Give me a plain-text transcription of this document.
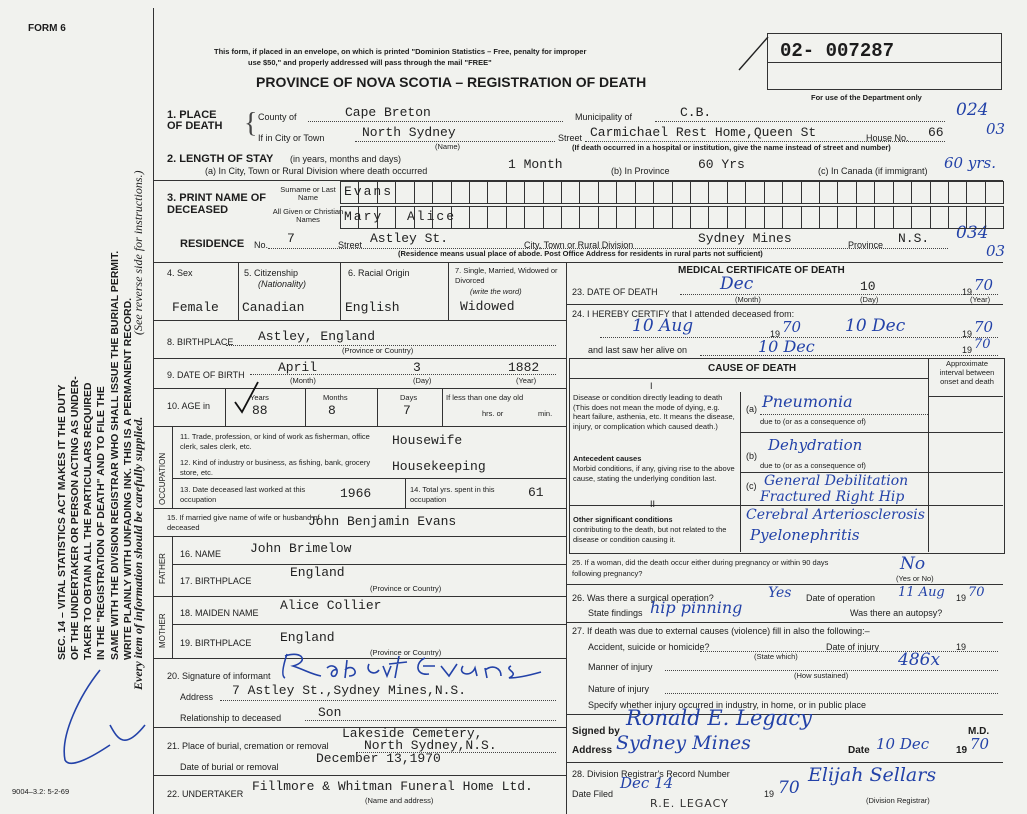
FORM 6
SEC. 14 – VITAL STATISTICS ACT MAKES IT THE DUTY OF THE UNDERTAKER OR PERSON ACTING AS UNDER- TAKER TO OBTAIN ALL THE PARTICULARS REQUIRED IN THE "REGISTRATION OF DEATH" AND TO FILE THE SAME WITH THE DIVISION REGISTRAR WHO SHALL ISSUE THE BURIAL PERMIT. WRITE PLAINLY WITH UNFADING INK. THIS IS A PERMANENT RECORD.
(See reverse side for instructions.)
Every item of information should be carefully supplied.
9004–3.2: 5-2-69
This form, if placed in an envelope, on which is printed "Dominion Statistics – Free, penalty for improper
use $50," and properly addressed will pass through the mail "FREE"
PROVINCE OF NOVA SCOTIA – REGISTRATION OF DEATH
02- 007287
For use of the Department only
024
03
034
03
1. PLACE OF DEATH { County of	Cape Breton	Municipality of	C.B.
If in City or Town	North Sydney
(Name)
Street Carmichael Rest Home,Queen St	House No. 66
(If death occurred in a hospital or institution, give the name instead of street and number)
2. LENGTH OF STAY (in years, months and days)
(a) In City, Town or Rural Division where death occurred	1 Month	(b) In Province 60 Yrs	(c) In Canada (if immigrant) 60 yrs.
3. PRINT NAME OF DECEASED
Surname or Last Name
All Given or Christian Names
Evans
Mary Alice
RESIDENCE No. 7	Street Astley St.	City, Town or Rural Division	Sydney Mines	Province N.S.
(Residence means usual place of abode. Post Office Address for residents in rural parts not sufficient)
4. Sex
Female
5. Citizenship
(Nationality)
Canadian
6. Racial Origin
English
7. Single, Married, Widowed or Divorced
(write the word)
Widowed
8. BIRTHPLACE Astley, England
(Province or Country)
9. DATE OF BIRTH	April	3	1882
(Month)	(Day)	(Year)
10. AGE in
Years
88
Months
8
Days
7
If less than one day old
hrs. or	min.
OCCUPATION
11. Trade, profession, or kind of work as fisherman, office clerk, sales clerk, etc.	Housewife
12. Kind of industry or business, as fishing, bank, grocery store, etc.	Housekeeping
13. Date deceased last worked at this occupation	1966	14. Total yrs. spent in this occupation	61
15. If married give name of wife or husband of deceased	John Benjamin Evans
FATHER 16. NAME John Brimelow
17. BIRTHPLACE
England
(Province or Country)
MOTHER
18. MAIDEN NAME Alice Collier
19. BIRTHPLACE England
(Province or Country)
20. Signature of informant
Address 7 Astley St.,Sydney Mines,N.S.
Relationship to deceased	Son
Lakeside Cemetery,
21. Place of burial, cremation or removal	North Sydney,N.S.
Date of burial or removal
December 13,1970
22. UNDERTAKER Fillmore & Whitman Funeral Home Ltd.
(Name and address)
MEDICAL CERTIFICATE OF DEATH
23. DATE OF DEATH	Dec	10	19 70
(Month)	(Day)	(Year)
24. I HEREBY CERTIFY that I attended deceased from:
10 Aug	19 70	10 Dec	19 70
and last saw her alive on	10 Dec	19 70
CAUSE OF DEATH	Approximate interval between onset and death
I
Disease or condition directly leading to death (This does not mean the mode of dying, e.g. heart failure, asthenia, etc. It means the disease, injury, or complication which caused death.)
(a) Pneumonia
due to (or as a consequence of)
Antecedent causes
Morbid conditions, if any, giving rise to the above cause, stating the underlying condition last.
(b)
Dehydration
due to (or as a consequence of)
(c) General Debilitation
Fractured Right Hip
II
Other significant conditions
contributing to the death, but not related to the disease or condition causing it.
Cerebral Arteriosclerosis
Pyelonephritis
25. If a woman, did the death occur either during pregnancy or within 90 days following pregnancy?	No
(Yes or No)
26. Was there a surgical operation?	Yes Date of operation 11 Aug 19 70
State findings hip pinning	Was there an autopsy?
27. If death was due to external causes (violence) fill in also the following:–
Accident, suicide or homicide?	Date of injury	19
(State which)
Manner of injury	486x
(How sustained)
Nature of injury
Specify whether injury occurred in industry, in home, or in public place
Signed by
Ronald E. Legacy
M.D.
Address Sydney Mines	Date 10 Dec	19 70
28. Division Registrar's Record Number
Date Filed
Dec 14
19 70
Elijah Sellars
(Division Registrar)
R.E. LEGACY
